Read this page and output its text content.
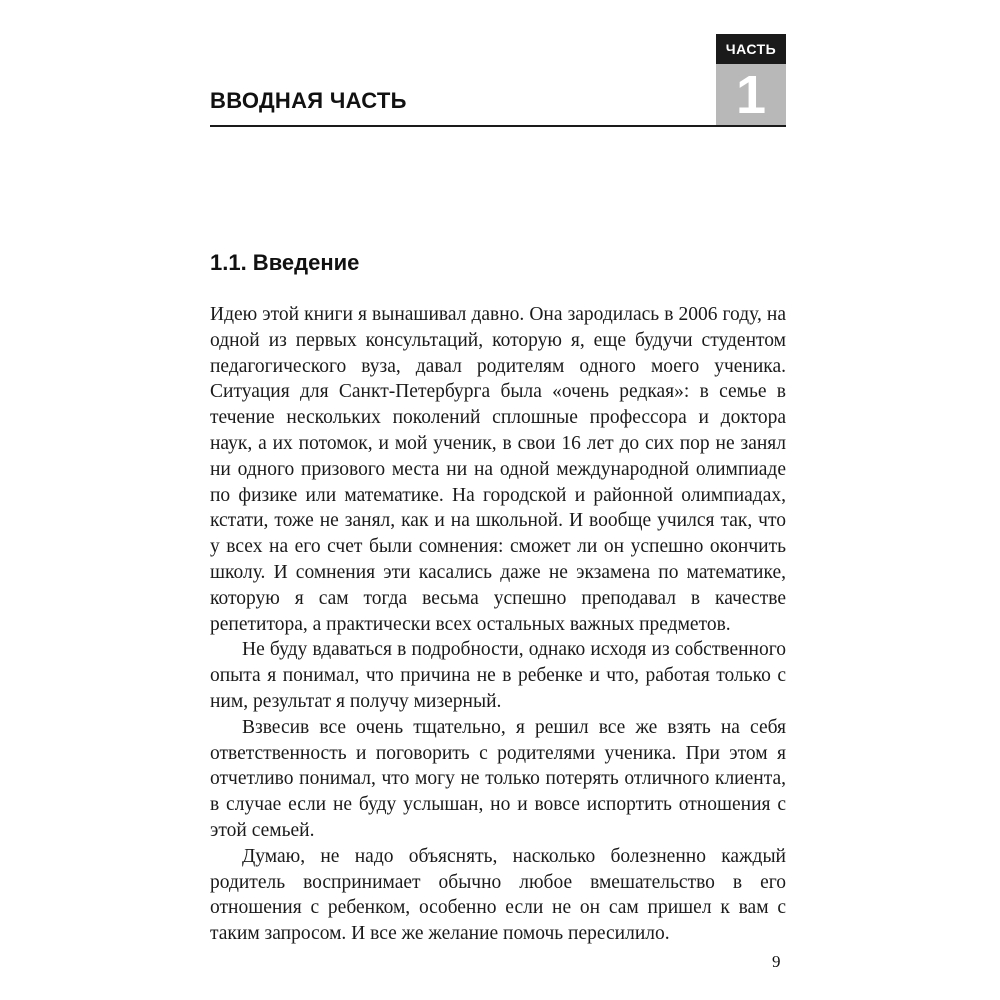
ЧАСТЬ
1
ВВОДНАЯ ЧАСТЬ
1.1. Введение

Идею этой книги я вынашивал давно. Она зародилась в 2006 году, на одной из первых консультаций, которую я, еще будучи студентом педагогического вуза, давал родителям одного моего ученика. Ситуация для Санкт-Петербурга была «очень редкая»: в семье в течение нескольких поколений сплошные профессора и доктора наук, а их потомок, и мой ученик, в свои 16 лет до сих пор не занял ни одного призового места ни на одной международной олимпиаде по физике или математике. На городской и районной олимпиадах, кстати, тоже не занял, как и на школьной. И вообще учился так, что у всех на его счет были сомнения: сможет ли он успешно окончить школу. И сомнения эти касались даже не экзамена по математике, которую я сам тогда весьма успешно преподавал в качестве репетитора, а практически всех остальных важных предметов.

Не буду вдаваться в подробности, однако исходя из собственного опыта я понимал, что причина не в ребенке и что, работая только с ним, результат я получу мизерный.

Взвесив все очень тщательно, я решил все же взять на себя ответственность и поговорить с родителями ученика. При этом я отчетливо понимал, что могу не только потерять отличного клиента, в случае если не буду услышан, но и вовсе испортить отношения с этой семьей.

Думаю, не надо объяснять, насколько болезненно каждый родитель воспринимает обычно любое вмешательство в его отношения с ребенком, особенно если не он сам пришел к вам с таким запросом. И все же желание помочь пересилило.

9
